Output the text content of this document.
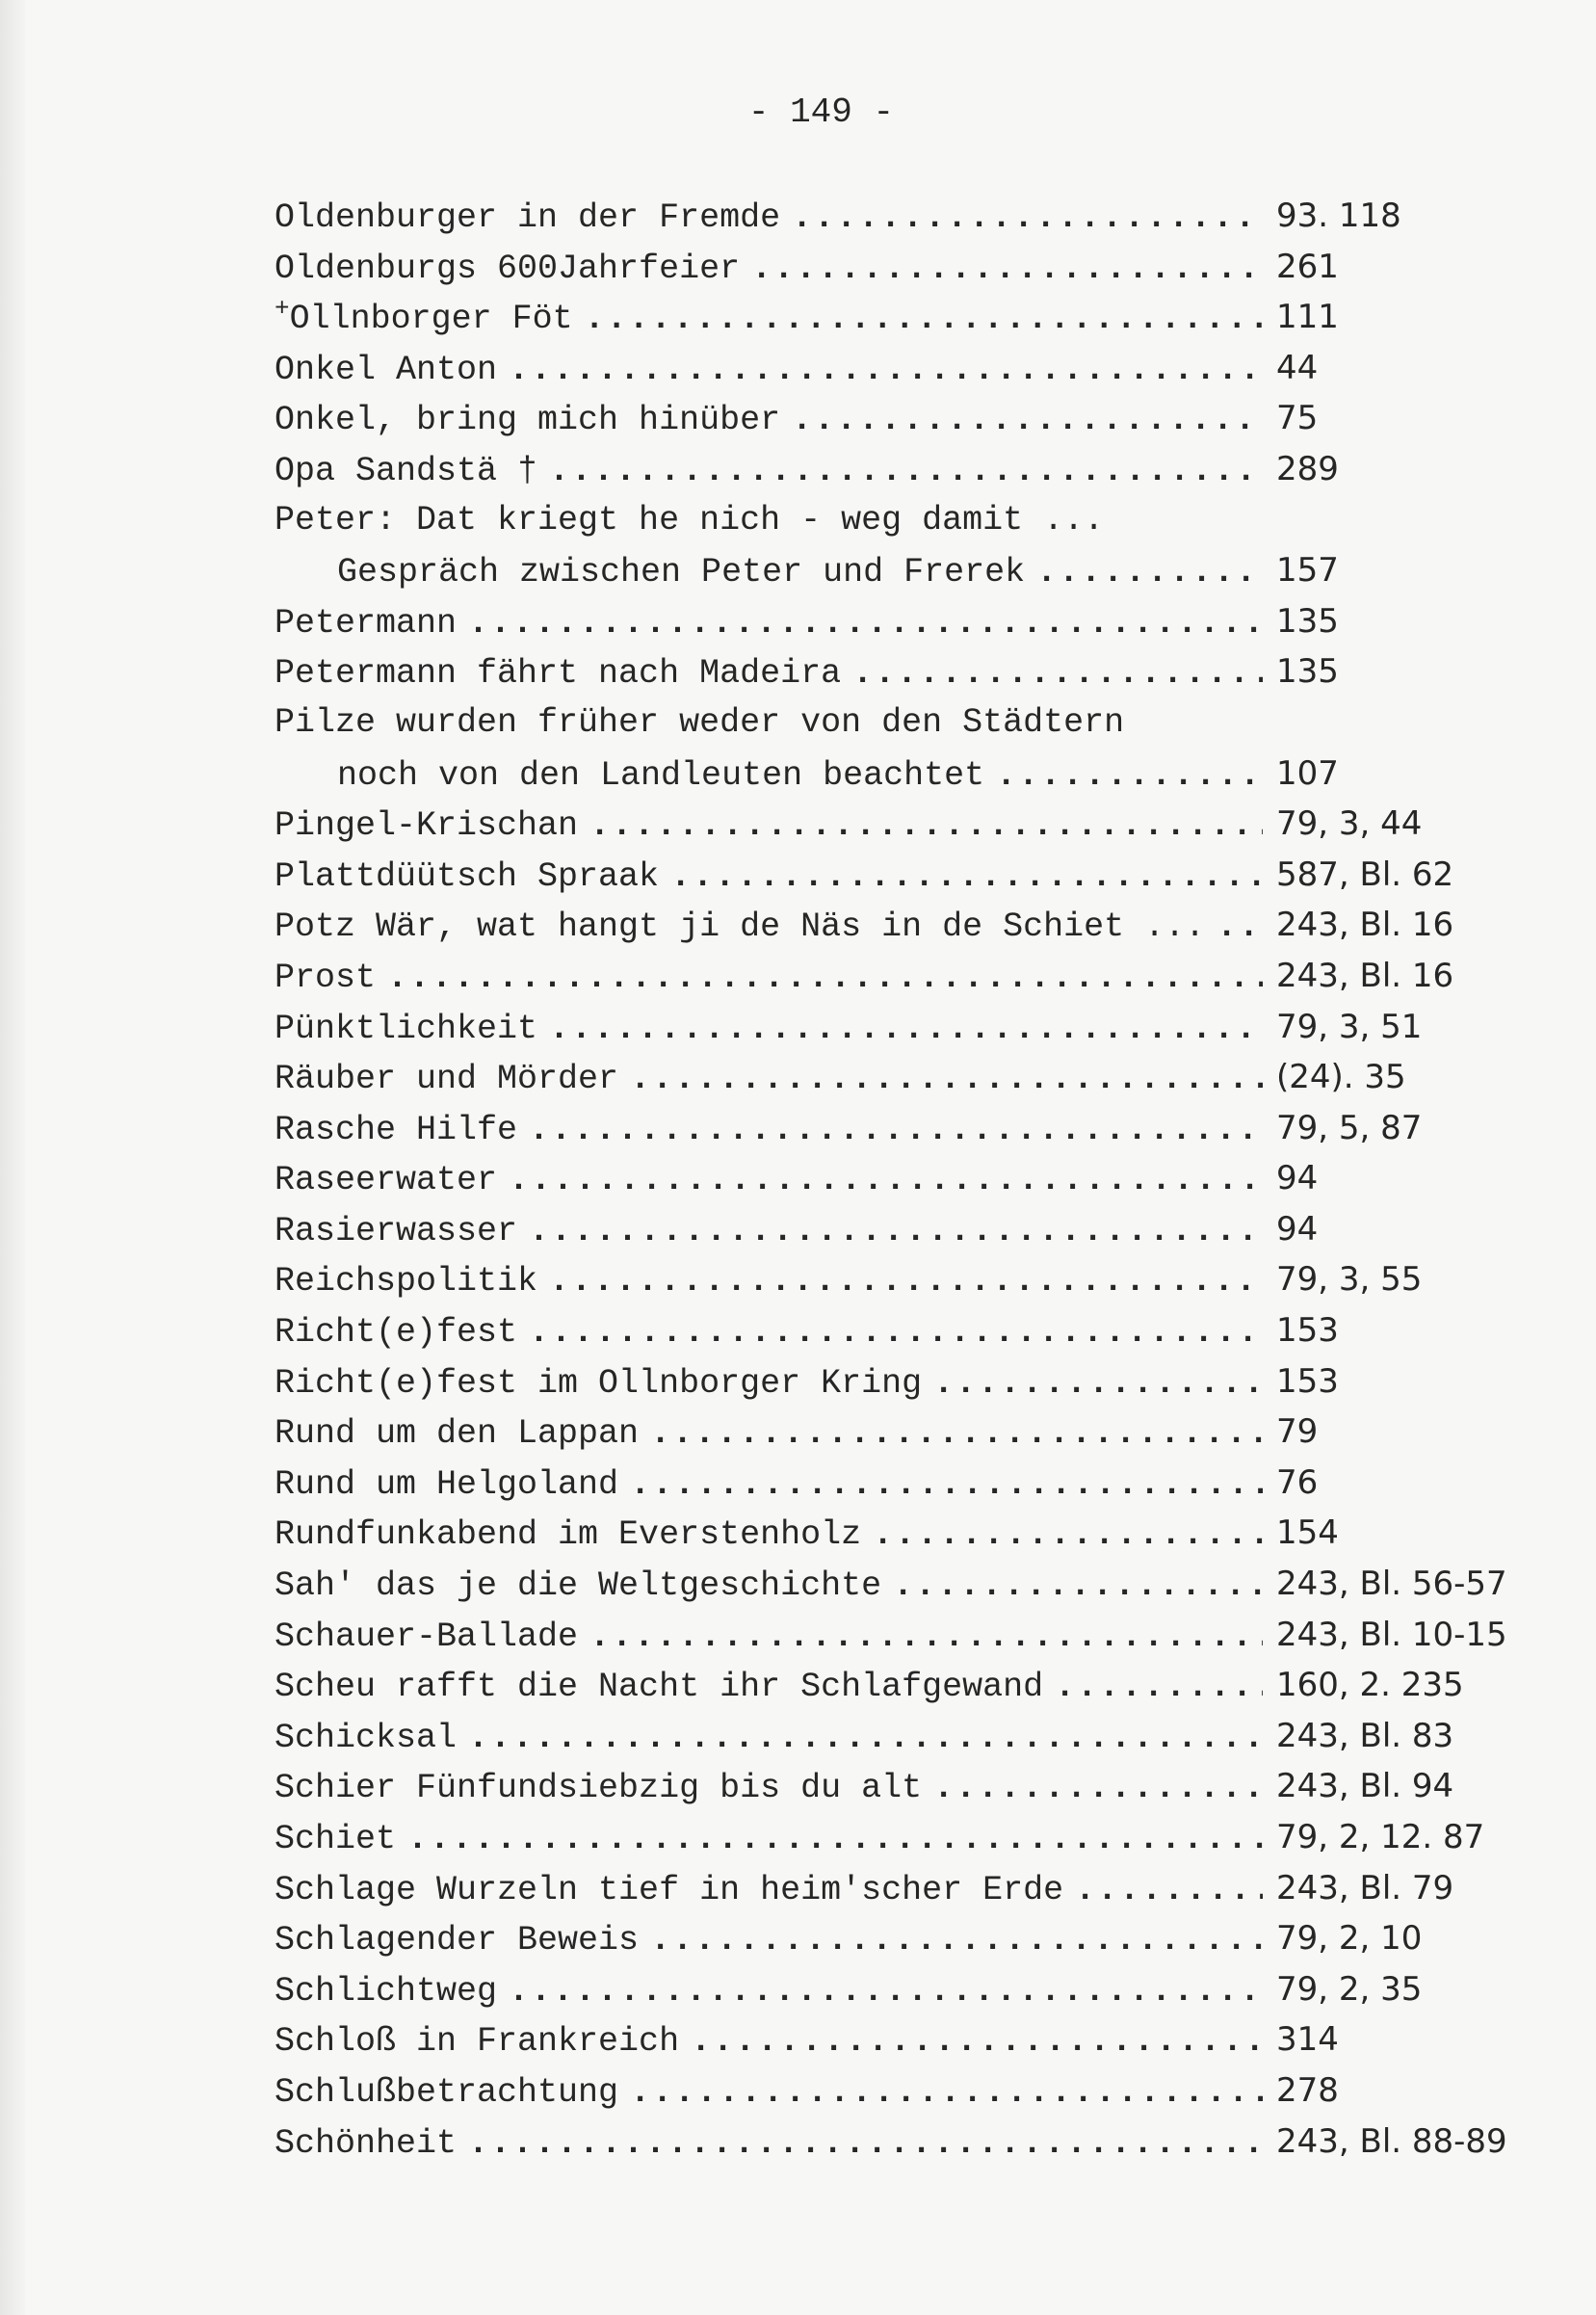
- 149 -
Oldenburger in der Fremde .....	93. 118
Oldenburgs 600Jahrfeier .....	261
+Ollnborger Föt .....	111
Onkel Anton .....	44
Onkel, bring mich hinüber .....	75
Opa Sandstä † .....	289
Peter: Dat kriegt he nich - weg damit ...
Gespräch zwischen Peter und Frerek .....	157
Petermann .....	135
Petermann fährt nach Madeira .....	135
Pilze wurden früher weder von den Städtern
noch von den Landleuten beachtet .....	107
Pingel-Krischan .....	79, 3, 44
Plattdüütsch Spraak .....	587, Bl. 62
Potz Wär, wat hangt ji de Näs in de Schiet ... ..... 243, Bl. 16
Prost .....	243, Bl. 16
Pünktlichkeit .....	79, 3, 51
Räuber und Mörder .....	(24). 35
Rasche Hilfe .....	79, 5, 87
Raseerwater .....	94
Rasierwasser .....	94
Reichspolitik .....	79, 3, 55
Richt(e)fest .....	153
Richt(e)fest im Ollnborger Kring .....	153
Rund um den Lappan .....	79
Rund um Helgoland .....	76
Rundfunkabend im Everstenholz .....	154
Sah' das je die Weltgeschichte .....	243, Bl. 56-57
Schauer-Ballade .....	243, Bl. 10-15
Scheu rafft die Nacht ihr Schlafgewand .....	160, 2. 235
Schicksal .....	243, Bl. 83
Schier Fünfundsiebzig bis du alt .....	243, Bl. 94
Schiet .....	79, 2, 12. 87
Schlage Wurzeln tief in heim'scher Erde .....	243, Bl. 79
Schlagender Beweis .....	79, 2, 10
Schlichtweg .....	79, 2, 35
Schloß in Frankreich .....	314
Schlußbetrachtung .....	278
Schönheit .....	243, Bl. 88-89
